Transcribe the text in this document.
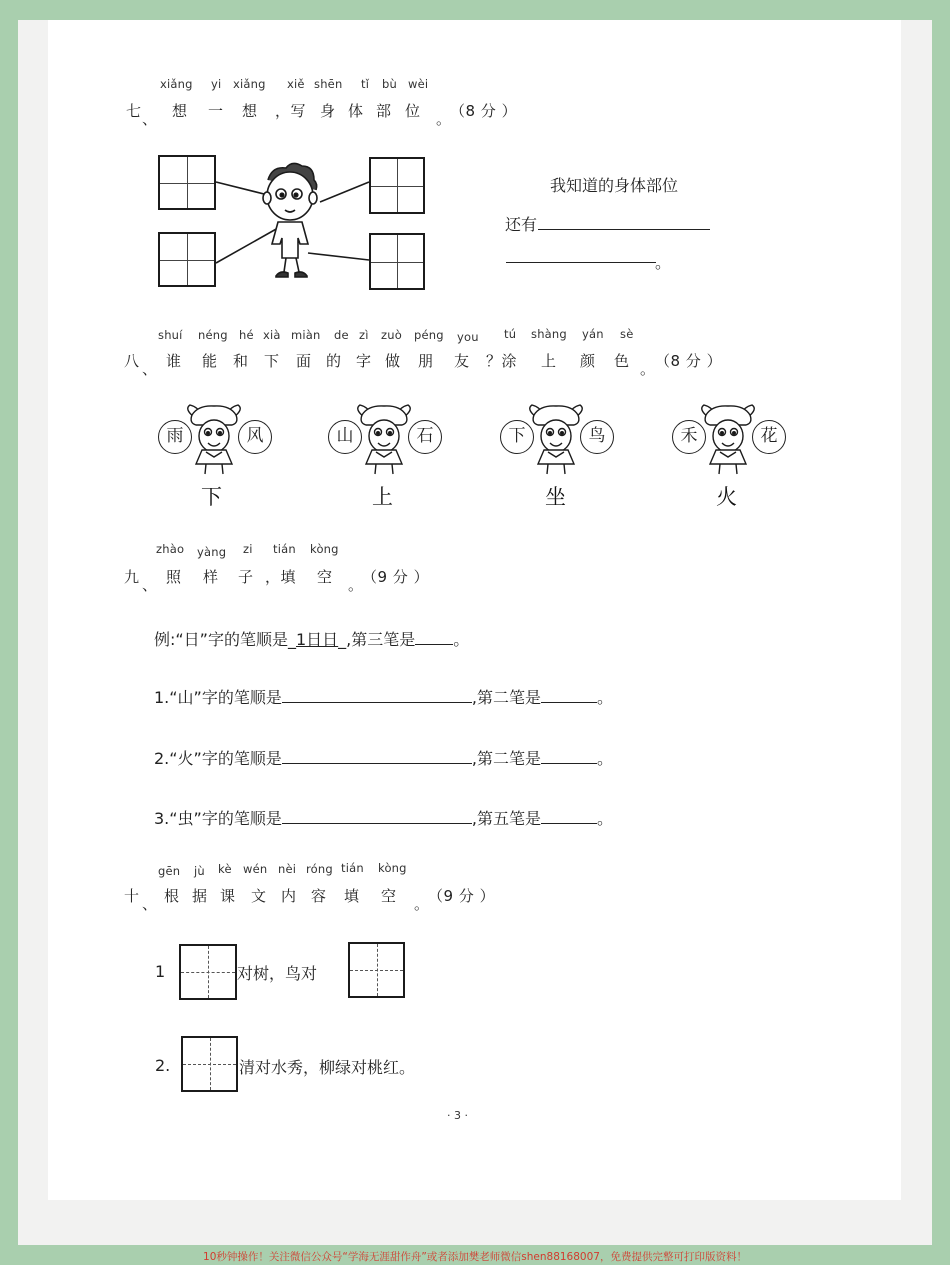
xiǎng yi xiǎng xiě shēn tǐ bù wèi
七 、 想 一 想 ，写 身 体 部 位 。
（8 分 ）
我知道的身体部位
还有
。
shuí néng hé xià miàn de zì zuò péng you tú shàng yán sè
八 、 谁 能 和 下 面 的 字 做 朋 友 ？涂 上 颜 色 。 （8 分 ）
雨	风
下
山	石
上
下	鸟
坐
禾	花
火
zhào yàng zi tián kòng
九 、 照 样 子 ，填 空 。
（9 分 ）
例:“日”字的笔顺是_1日日_,第三笔是 。
1.“山”字的笔顺是	,第二笔是	。
2.“火”字的笔顺是	,第二笔是	。
3.“虫”字的笔顺是	,第五笔是	。
gēn jù kè wén nèi róng tián kòng
十 、 根 据 课 文 内 容 填 空 。
（9 分 ）
1	对树，鸟对
2.	清对水秀，柳绿对桃红。
· 3 ·
10秒钟操作！关注微信公众号“学海无涯甜作舟”或者添加樊老师微信shen88168007，免费提供完整可打印版资料！
